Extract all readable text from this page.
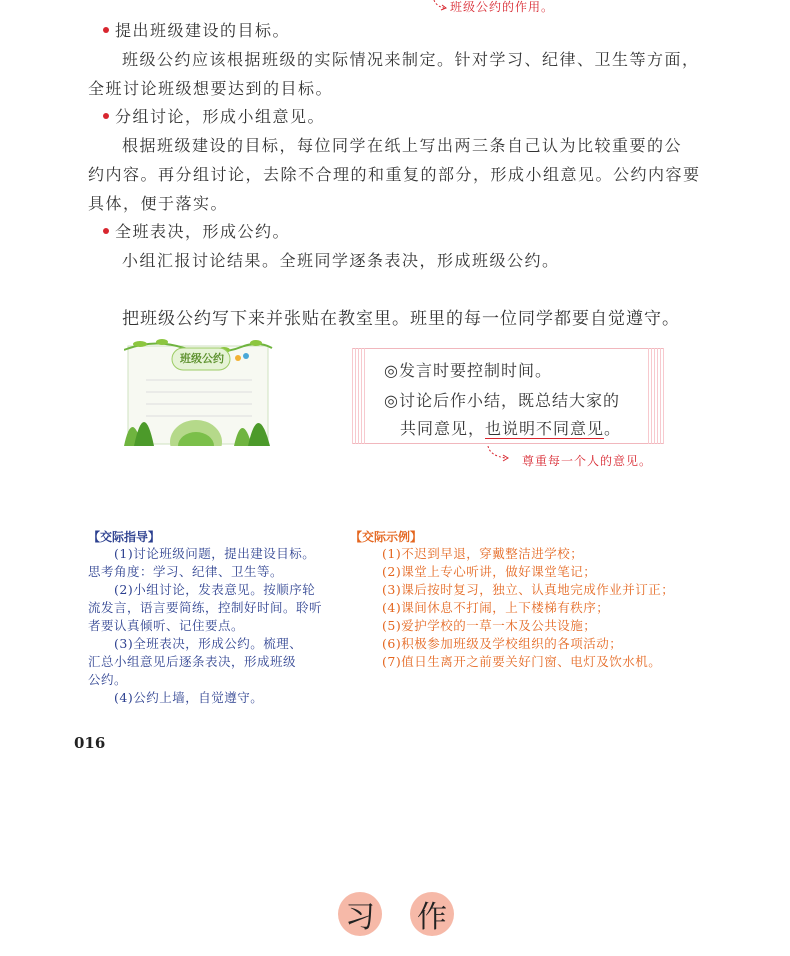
班级公约的作用。
提出班级建设的目标。
班级公约应该根据班级的实际情况来制定。针对学习、纪律、卫生等方面，
全班讨论班级想要达到的目标。
分组讨论，形成小组意见。
根据班级建设的目标，每位同学在纸上写出两三条自己认为比较重要的公
约内容。再分组讨论，去除不合理的和重复的部分，形成小组意见。公约内容要
具体，便于落实。
全班表决，形成公约。
小组汇报讨论结果。全班同学逐条表决，形成班级公约。
把班级公约写下来并张贴在教室里。班里的每一位同学都要自觉遵守。
班级公约
◎发言时要控制时间。
◎讨论后作小结，既总结大家的
共同意见，也说明不同意见。
尊重每一个人的意见。
【交际指导】
　　(1)讨论班级问题，提出建设目标。
思考角度：学习、纪律、卫生等。
　　(2)小组讨论，发表意见。按顺序轮
流发言，语言要简练，控制好时间。聆听
者要认真倾听、记住要点。
　　(3)全班表决，形成公约。梳理、
汇总小组意见后逐条表决，形成班级
公约。
　　(4)公约上墙，自觉遵守。
【交际示例】
(1)不迟到早退，穿戴整洁进学校；
(2)课堂上专心听讲，做好课堂笔记；
(3)课后按时复习，独立、认真地完成作业并订正；
(4)课间休息不打闹，上下楼梯有秩序；
(5)爱护学校的一草一木及公共设施；
(6)积极参加班级及学校组织的各项活动；
(7)值日生离开之前要关好门窗、电灯及饮水机。
016
习 作
